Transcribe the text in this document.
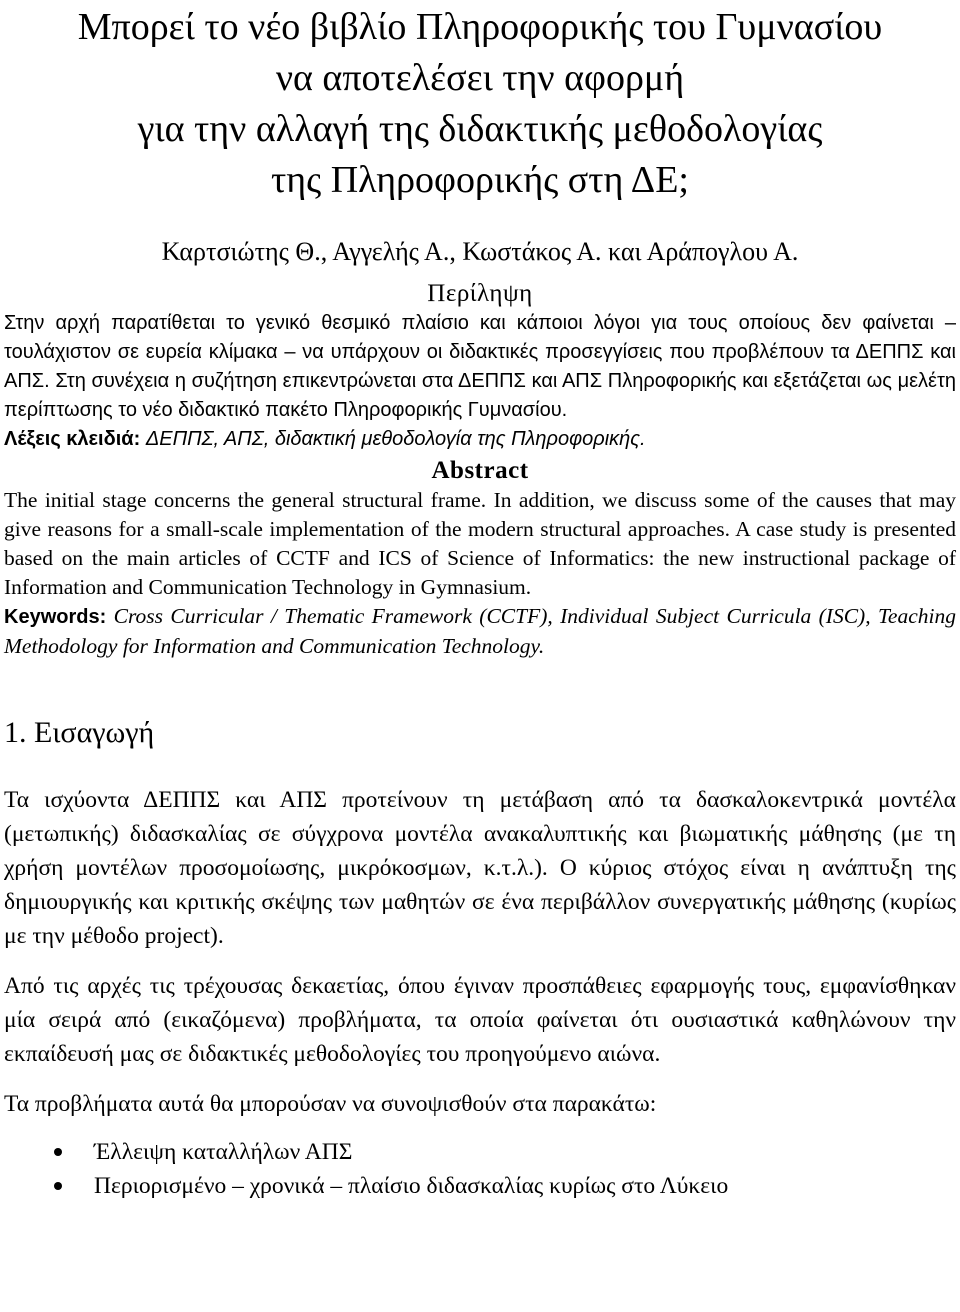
Μπορεί το νέο βιβλίο Πληροφορικής του Γυμνασίου
να αποτελέσει την αφορμή
για την αλλαγή της διδακτικής μεθοδολογίας
της Πληροφορικής στη ΔΕ;
Καρτσιώτης Θ., Αγγελής Α., Κωστάκος Α. και Αράπογλου Α.
Περίληψη

Στην αρχή παρατίθεται το γενικό θεσμικό πλαίσιο και κάποιοι λόγοι για τους οποίους δεν φαίνεται – τουλάχιστον σε ευρεία κλίμακα – να υπάρχουν οι διδακτικές προσεγγίσεις που προβλέπουν τα ΔΕΠΠΣ και ΑΠΣ. Στη συνέχεια η συζήτηση επικεντρώνεται στα ΔΕΠΠΣ και ΑΠΣ Πληροφορικής και εξετάζεται ως μελέτη περίπτωσης το νέο διδακτικό πακέτο Πληροφορικής Γυμνασίου.

Λέξεις κλειδιά: ΔΕΠΠΣ, ΑΠΣ, διδακτική μεθοδολογία της Πληροφορικής.

Abstract

The initial stage concerns the general structural frame. In addition, we discuss some of the causes that may give reasons for a small-scale implementation of the modern structural approaches. A case study is presented based on the main articles of CCTF and ICS of Science of Informatics: the new instructional package of Information and Communication Technology in Gymnasium.

Keywords: Cross Curricular / Thematic Framework (CCTF), Individual Subject Curricula (ISC), Teaching Methodology for Information and Communication Technology.

1. Εισαγωγή

Τα ισχύοντα ΔΕΠΠΣ και ΑΠΣ προτείνουν τη μετάβαση από τα δασκαλοκεντρικά μοντέλα (μετωπικής) διδασκαλίας σε σύγχρονα μοντέλα ανακαλυπτικής και βιωματικής μάθησης (με τη χρήση μοντέλων προσομοίωσης, μικρόκοσμων, κ.τ.λ.). Ο κύριος στόχος είναι η ανάπτυξη της δημιουργικής και κριτικής σκέψης των μαθητών σε ένα περιβάλλον συνεργατικής μάθησης (κυρίως με την μέθοδο project).

Από τις αρχές τις τρέχουσας δεκαετίας, όπου έγιναν προσπάθειες εφαρμογής τους, εμφανίσθηκαν μία σειρά από (εικαζόμενα) προβλήματα, τα οποία φαίνεται ότι ουσιαστικά καθηλώνουν την εκπαίδευσή μας σε διδακτικές μεθοδολογίες του προηγούμενο αιώνα.

Τα προβλήματα αυτά θα μπορούσαν να συνοψισθούν στα παρακάτω:

Έλλειψη καταλλήλων ΑΠΣ
Περιορισμένο – χρονικά – πλαίσιο διδασκαλίας κυρίως στο Λύκειο
